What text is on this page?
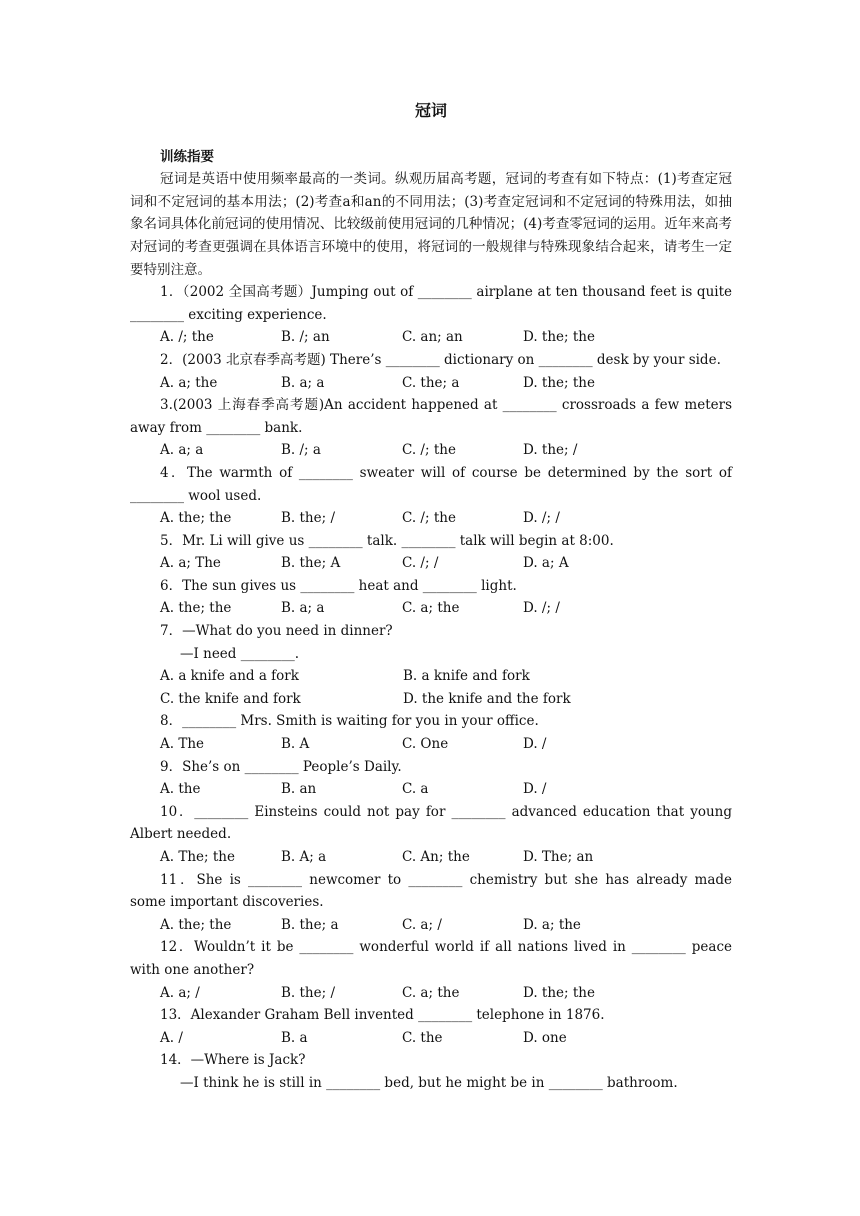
冠词
训练指要
冠词是英语中使用频率最高的一类词。纵观历届高考题，冠词的考查有如下特点：(1)考查定冠词和不定冠词的基本用法；(2)考查a和an的不同用法；(3)考查定冠词和不定冠词的特殊用法，如抽象名词具体化前冠词的使用情况、比较级前使用冠词的几种情况；(4)考查零冠词的运用。近年来高考对冠词的考查更强调在具体语言环境中的使用，将冠词的一般规律与特殊现象结合起来，请考生一定要特别注意。
1．（2002 全国高考题）Jumping out of ________ airplane at ten thousand feet is quite ________ exciting experience.
A. /; the	B. /; an	C. an; an	D. the; the
2．(2003 北京春季高考题) There’s ________ dictionary on ________ desk by your side.
A. a; the	B. a; a	C. the; a	D. the; the
3.(2003 上海春季高考题)An accident happened at ________ crossroads a few meters away from ________ bank.
A. a; a	B. /; a	C. /; the	D. the; /
4．The warmth of ________ sweater will of course be determined by the sort of ________ wool used.
A. the; the	B. the; /	C. /; the	D. /; /
5．Mr. Li will give us ________ talk. ________ talk will begin at 8:00.
A. a; The	B. the; A	C. /; /	D. a; A
6．The sun gives us ________ heat and ________ light.
A. the; the	B. a; a	C. a; the	D. /; /
7．—What do you need in dinner?
—I need ________.
A. a knife and a fork	B. a knife and fork
C. the knife and fork	D. the knife and the fork
8．________ Mrs. Smith is waiting for you in your office.
A. The	B. A	C. One	D. /
9．She’s on ________ People’s Daily.
A. the	B. an	C. a	D. /
10．________ Einsteins could not pay for ________ advanced education that young Albert needed.
A. The; the	B. A; a	C. An; the	D. The; an
11．She is ________ newcomer to ________ chemistry but she has already made some important discoveries.
A. the; the	B. the; a	C. a; /	D. a; the
12．Wouldn’t it be ________ wonderful world if all nations lived in ________ peace with one another?
A. a; /	B. the; /	C. a; the	D. the; the
13．Alexander Graham Bell invented ________ telephone in 1876.
A. /	B. a	C. the	D. one
14．—Where is Jack?
—I think he is still in ________ bed, but he might be in ________ bathroom.
